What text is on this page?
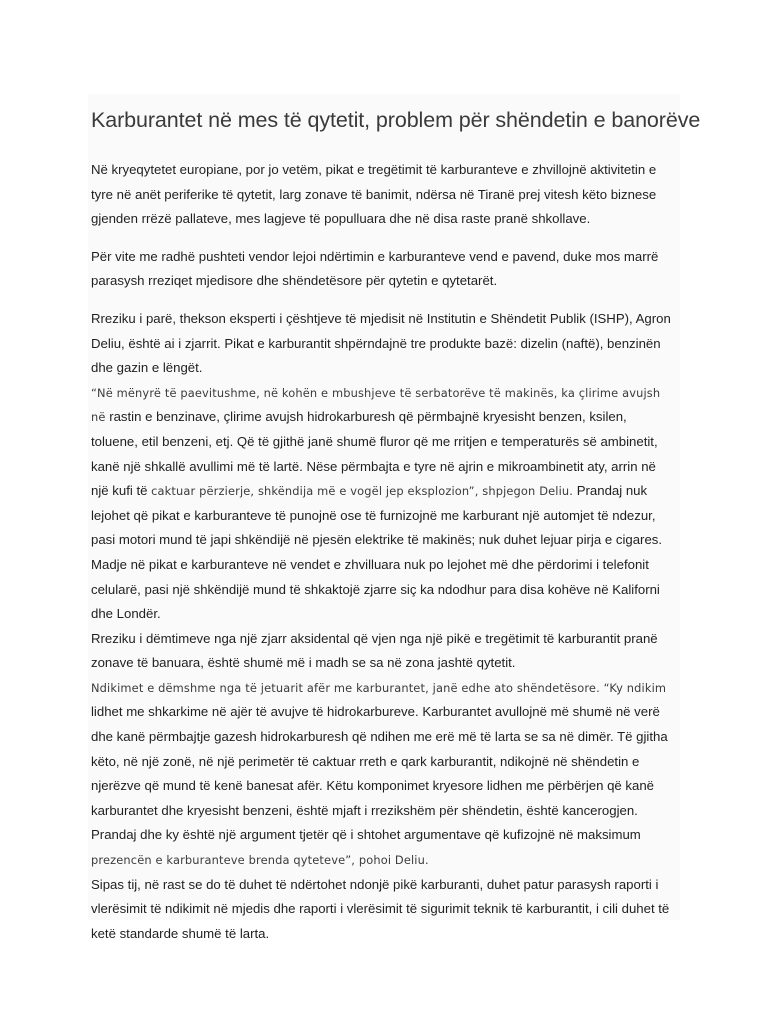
Karburantet në mes të qytetit, problem për shëndetin e banorëve

Në kryeqytetet europiane, por jo vetëm, pikat e tregëtimit të karburanteve e zhvillojnë aktivitetin e tyre në anët periferike të qytetit, larg zonave të banimit, ndërsa në Tiranë prej vitesh këto biznese gjenden rrëzë pallateve, mes lagjeve të populluara dhe në disa raste pranë shkollave.

Për vite me radhë pushteti vendor lejoi ndërtimin e karburanteve vend e pavend, duke mos marrë parasysh rreziqet mjedisore dhe shëndetësore për qytetin e qytetarët.

Rreziku i parë, thekson eksperti i çështjeve të mjedisit në Institutin e Shëndetit Publik (ISHP), Agron Deliu, është ai i zjarrit. Pikat e karburantit shpërndajnë tre produkte bazë: dizelin (naftë), benzinën dhe gazin e lëngët.

“Në mënyrë të paevitushme, në kohën e mbushjeve të serbatorëve të makinës, ka çlirime avujsh në rastin e benzinave, çlirime avujsh hidrokarburesh që përmbajnë kryesisht benzen, ksilen, toluene, etil benzeni, etj. Që të gjithë janë shumë fluror që me rritjen e temperaturës së ambinetit, kanë një shkallë avullimi më të lartë. Nëse përmbajta e tyre në ajrin e mikroambinetit aty, arrin në një kufi të caktuar përzierje, shkëndija më e vogël jep eksplozion”, shpjegon Deliu. Prandaj nuk lejohet që pikat e karburanteve të punojnë ose të furnizojnë me karburant një automjet të ndezur, pasi motori mund të japi shkëndijë në pjesën elektrike të makinës; nuk duhet lejuar pirja e cigares. Madje në pikat e karburanteve në vendet e zhvilluara nuk po lejohet më dhe përdorimi i telefonit celularë, pasi një shkëndijë mund të shkaktojë zjarre siç ka ndodhur para disa kohëve në Kaliforni dhe Londër.

Rreziku i dëmtimeve nga një zjarr aksidental që vjen nga një pikë e tregëtimit të karburantit pranë zonave të banuara, është shumë më i madh se sa në zona jashtë qytetit.

Ndikimet e dëmshme nga të jetuarit afër me karburantet, janë edhe ato shëndetësore. “Ky ndikim lidhet me shkarkime në ajër të avujve të hidrokarbureve. Karburantet avullojnë më shumë në verë dhe kanë përmbajtje gazesh hidrokarburesh që ndihen me erë më të larta se sa në dimër. Të gjitha këto, në një zonë, në një perimetër të caktuar rreth e qark karburantit, ndikojnë në shëndetin e njerëzve që mund të kenë banesat afër. Këtu komponimet kryesore lidhen me përbërjen që kanë karburantet dhe kryesisht benzeni, është mjaft i rrezikshëm për shëndetin, është kancerogjen. Prandaj dhe ky është një argument tjetër që i shtohet argumentave që kufizojnë në maksimum prezencën e karburanteve brenda qyteteve”, pohoi Deliu.

Sipas tij, në rast se do të duhet të ndërtohet ndonjë pikë karburanti, duhet patur parasysh raporti i vlerësimit të ndikimit në mjedis dhe raporti i vlerësimit të sigurimit teknik të karburantit, i cili duhet të ketë standarde shumë të larta.
